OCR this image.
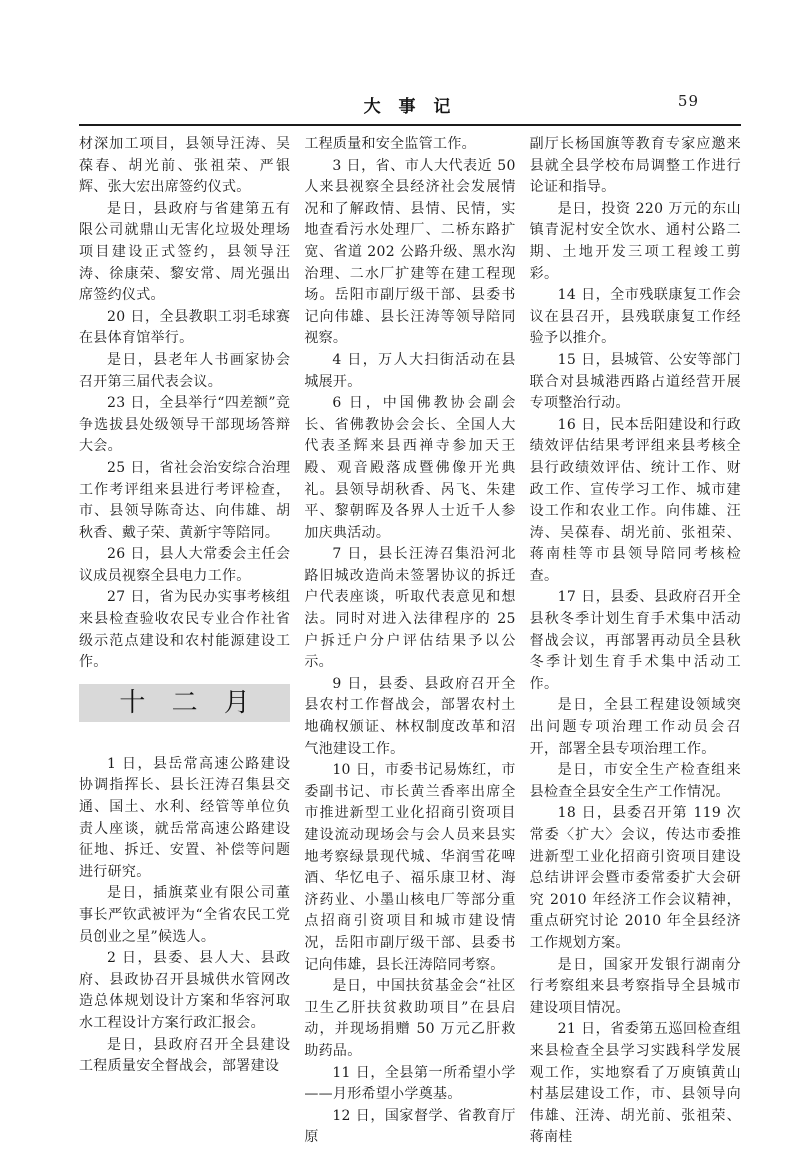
大 事 记	59

材深加工项目，县领导汪涛、吴葆春、胡光前、张祖荣、严银辉、张大宏出席签约仪式。

是日，县政府与省建第五有限公司就鼎山无害化垃圾处理场项目建设正式签约，县领导汪涛、徐康荣、黎安常、周光强出席签约仪式。

20 日，全县教职工羽毛球赛在县体育馆举行。

是日，县老年人书画家协会召开第三届代表会议。

23 日，全县举行“四差额”竞争选拔县处级领导干部现场答辩大会。

25 日，省社会治安综合治理工作考评组来县进行考评检查，市、县领导陈奇达、向伟雄、胡秋香、戴子荣、黄新宇等陪同。

26 日，县人大常委会主任会议成员视察全县电力工作。

27 日，省为民办实事考核组来县检查验收农民专业合作社省级示范点建设和农村能源建设工作。

十 二 月

1 日，县岳常高速公路建设协调指挥长、县长汪涛召集县交通、国土、水利、经管等单位负责人座谈，就岳常高速公路建设征地、拆迁、安置、补偿等问题进行研究。

是日，插旗菜业有限公司董事长严钦武被评为“全省农民工党员创业之星”候选人。

2 日，县委、县人大、县政府、县政协召开县城供水管网改造总体规划设计方案和华容河取水工程设计方案行政汇报会。

是日，县政府召开全县建设工程质量安全督战会，部署建设

工程质量和安全监管工作。

3 日，省、市人大代表近 50 人来县视察全县经济社会发展情况和了解政情、县情、民情，实地查看污水处理厂、二桥东路扩宽、省道 202 公路升级、黑水沟治理、二水厂扩建等在建工程现场。岳阳市副厅级干部、县委书记向伟雄、县长汪涛等领导陪同视察。

4 日，万人大扫街活动在县城展开。

6 日，中国佛教协会副会长、省佛教协会会长、全国人大代表圣辉来县西禅寺参加天王殿、观音殿落成暨佛像开光典礼。县领导胡秋香、呙飞、朱建平、黎朝晖及各界人士近千人参加庆典活动。

7 日，县长汪涛召集沿河北路旧城改造尚未签署协议的拆迁户代表座谈，听取代表意见和想法。同时对进入法律程序的 25 户拆迁户分户评估结果予以公示。

9 日，县委、县政府召开全县农村工作督战会，部署农村土地确权颁证、林权制度改革和沼气池建设工作。

10 日，市委书记易炼红，市委副书记、市长黄兰香率出席全市推进新型工业化招商引资项目建设流动现场会与会人员来县实地考察绿景现代城、华润雪花啤酒、华忆电子、福乐康卫材、海济药业、小墨山核电厂等部分重点招商引资项目和城市建设情况，岳阳市副厅级干部、县委书记向伟雄，县长汪涛陪同考察。

是日，中国扶贫基金会“社区卫生乙肝扶贫救助项目”在县启动，并现场捐赠 50 万元乙肝救助药品。

11 日，全县第一所希望小学——月形希望小学奠基。

12 日，国家督学、省教育厅原

副厅长杨国旗等教育专家应邀来县就全县学校布局调整工作进行论证和指导。

是日，投资 220 万元的东山镇青泥村安全饮水、通村公路二期、土地开发三项工程竣工剪彩。

14 日，全市残联康复工作会议在县召开，县残联康复工作经验予以推介。

15 日，县城管、公安等部门联合对县城港西路占道经营开展专项整治行动。

16 日，民本岳阳建设和行政绩效评估结果考评组来县考核全县行政绩效评估、统计工作、财政工作、宣传学习工作、城市建设工作和农业工作。向伟雄、汪涛、吴葆春、胡光前、张祖荣、蒋南桂等市县领导陪同考核检查。

17 日，县委、县政府召开全县秋冬季计划生育手术集中活动督战会议，再部署再动员全县秋冬季计划生育手术集中活动工作。

是日，全县工程建设领域突出问题专项治理工作动员会召开，部署全县专项治理工作。

是日，市安全生产检查组来县检查全县安全生产工作情况。

18 日，县委召开第 119 次常委〈扩大〉会议，传达市委推进新型工业化招商引资项目建设总结讲评会暨市委常委扩大会研究 2010 年经济工作会议精神，重点研究讨论 2010 年全县经济工作规划方案。

是日，国家开发银行湖南分行考察组来县考察指导全县城市建设项目情况。

21 日，省委第五巡回检查组来县检查全县学习实践科学发展观工作，实地察看了万庾镇黄山村基层建设工作，市、县领导向伟雄、汪涛、胡光前、张祖荣、蒋南桂
